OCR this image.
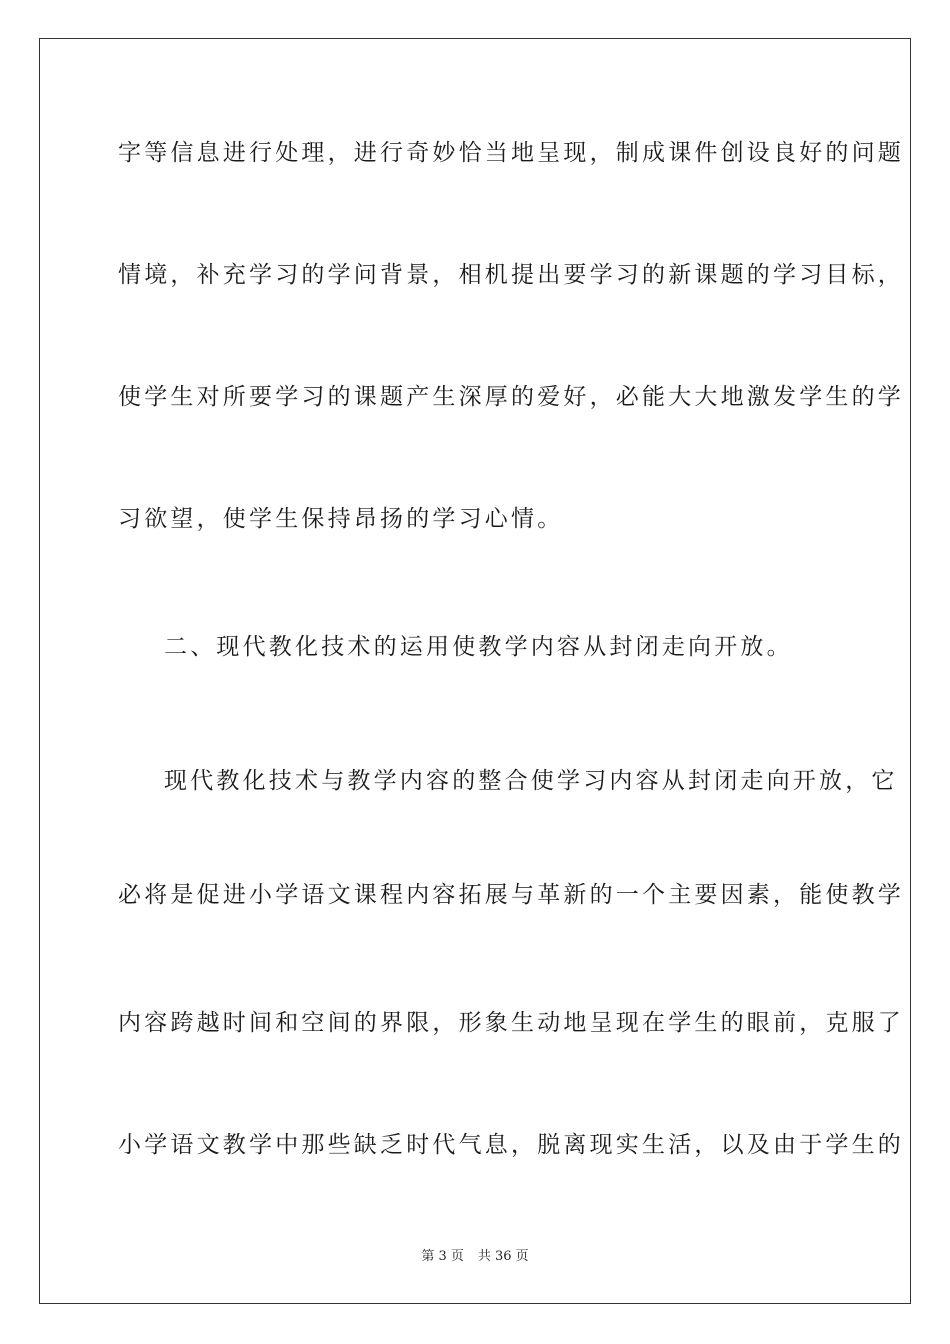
字等信息进行处理，进行奇妙恰当地呈现，制成课件创设良好的问题
情境，补充学习的学问背景，相机提出要学习的新课题的学习目标，
使学生对所要学习的课题产生深厚的爱好，必能大大地激发学生的学
习欲望，使学生保持昂扬的学习心情。
二、现代教化技术的运用使教学内容从封闭走向开放。
现代教化技术与教学内容的整合使学习内容从封闭走向开放，它
必将是促进小学语文课程内容拓展与革新的一个主要因素，能使教学
内容跨越时间和空间的界限，形象生动地呈现在学生的眼前，克服了
小学语文教学中那些缺乏时代气息，脱离现实生活，以及由于学生的
第 3 页 共 36 页
